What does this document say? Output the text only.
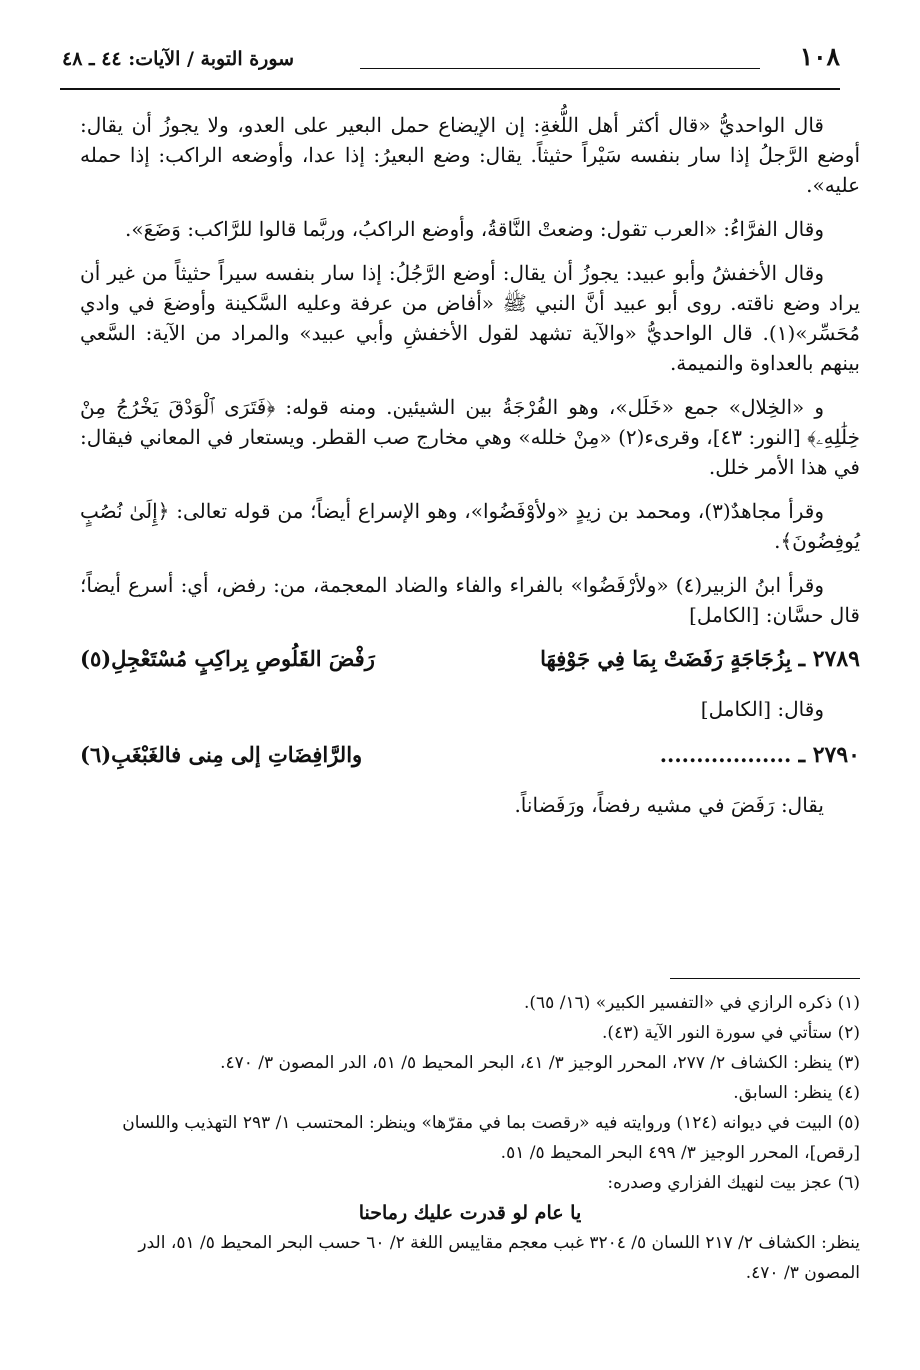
١٠٨
سورة التوبة / الآيات: ٤٤ ـ ٤٨

قال الواحديُّ «قال أكثر أهل اللُّغةِ: إن الإيضاع حمل البعير على العدو، ولا يجوزُ أن يقال: أوضع الرَّجلُ إذا سار بنفسه سَيْراً حثيثاً. يقال: وضع البعيرُ: إذا عدا، وأوضعه الراكب: إذا حمله عليه».

وقال الفرَّاءُ: «العرب تقول: وضعتْ النَّاقةُ، وأوضع الراكبُ، وربَّما قالوا للرَّاكب: وَضَعَ».

وقال الأخفشُ وأبو عبيد: يجوزُ أن يقال: أوضع الرَّجُلُ: إذا سار بنفسه سيراً حثيثاً من غير أن يراد وضع ناقته. روى أبو عبيد أنَّ النبي ﷺ «أفاض من عرفة وعليه السَّكينة وأوضعَ في وادي مُحَسِّر»(١). قال الواحديُّ «والآية تشهد لقول الأخفشِ وأبي عبيد» والمراد من الآية: السَّعي بينهم بالعداوة والنميمة.

و «الخِلال» جمع «خَلَل»، وهو الفُرْجَةُ بين الشيئين. ومنه قوله: ﴿فَتَرَى ٱلْوَدْقَ يَخْرُجُ مِنْ خِلَٰلِهِۦ﴾ [النور: ٤٣]، وقرىء(٢) «مِنْ خلله» وهي مخارج صب القطر. ويستعار في المعاني فيقال: في هذا الأمر خلل.

وقرأ مجاهدٌ(٣)، ومحمد بن زيدٍ «ولأوْفَضُوا»، وهو الإسراع أيضاً؛ من قوله تعالى: ﴿إِلَىٰ نُصُبٍ يُوفِضُونَ﴾.

وقرأ ابنُ الزبير(٤) «ولأرْفَضُوا» بالفراء والفاء والضاد المعجمة، من: رفض، أي: أسرع أيضاً؛ قال حسَّان: [الكامل]

٢٧٨٩ ـ بِزُجَاجَةٍ رَفَضَتْ بِمَا فِي جَوْفِهَا
رَفْضَ القَلُوصِ بِراكِبٍ مُسْتَعْجِلِ(٥)

وقال: [الكامل]

٢٧٩٠ ـ ..................
والرَّافِضَاتِ إلى مِنى فالغَبْغَبِ(٦)

يقال: رَفَضَ في مشيه رفضاً، ورَفَضاناً.

(١) ذكره الرازي في «التفسير الكبير» (١٦/ ٦٥).

(٢) ستأتي في سورة النور الآية (٤٣).

(٣) ينظر: الكشاف ٢/ ٢٧٧، المحرر الوجيز ٣/ ٤١، البحر المحيط ٥/ ٥١، الدر المصون ٣/ ٤٧٠.

(٤) ينظر: السابق.

(٥) البيت في ديوانه (١٢٤) وروايته فيه «رقصت بما في مقرّها» وينظر: المحتسب ١/ ٢٩٣ التهذيب واللسان [رقص]، المحرر الوجيز ٣/ ٤٩٩ البحر المحيط ٥/ ٥١.

(٦) عجز بيت لنهيك الفزاري وصدره:

يا عام لو قدرت عليك رماحنا

ينظر: الكشاف ٢/ ٢١٧ اللسان ٥/ ٣٢٠٤ غبب معجم مقاييس اللغة ٢/ ٦٠ حسب البحر المحيط ٥/ ٥١، الدر المصون ٣/ ٤٧٠.
